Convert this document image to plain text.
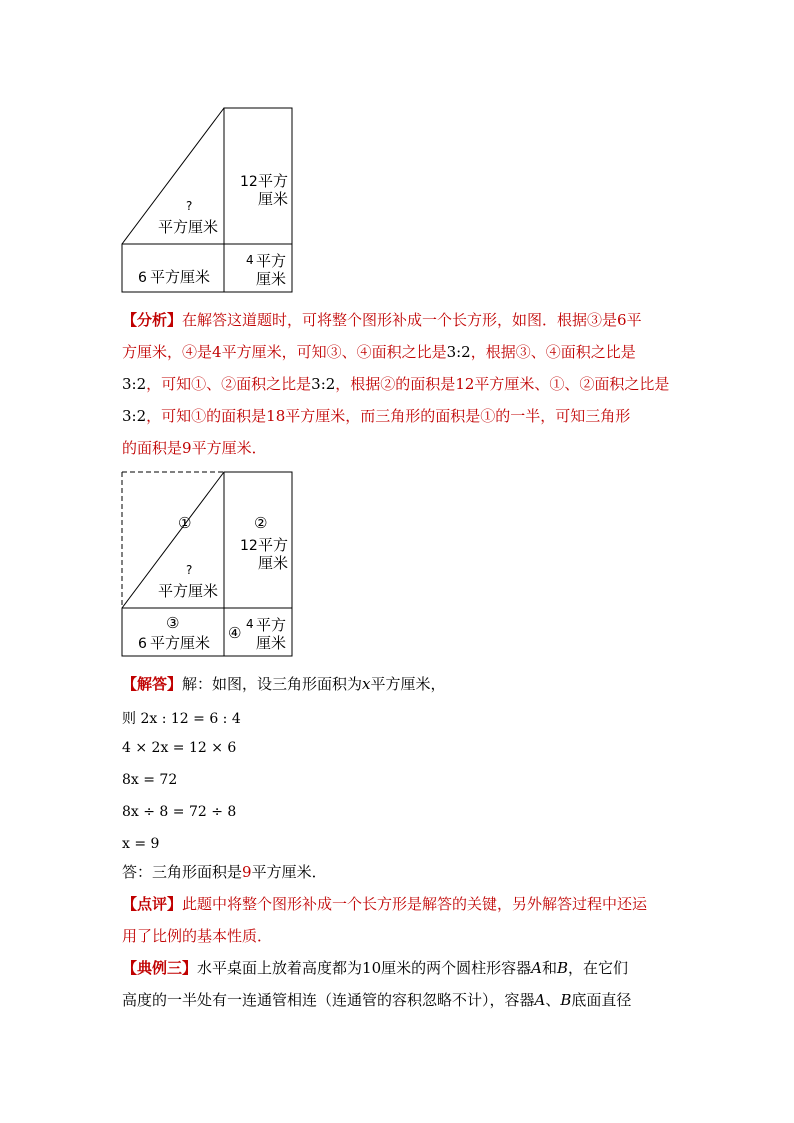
?
平方厘米
12 平方
厘米
6 平方厘米
4 平方
厘米
【分析】在解答这道题时，可将整个图形补成一个长方形，如图．根据③是6平
方厘米，④是4平方厘米，可知③、④面积之比是3:2，根据③、④面积之比是
3:2，可知①、②面积之比是3:2，根据②的面积是12平方厘米、①、②面积之比是
3:2，可知①的面积是18平方厘米，而三角形的面积是①的一半，可知三角形
的面积是9平方厘米．
①	②
12 平方
厘米
?
平方厘米
③
6 平方厘米
④ 4 平方
厘米
【解答】解：如图，设三角形面积为x平方厘米，
则 2x : 12 = 6 : 4
4 × 2x = 12 × 6
8x = 72
8x ÷ 8 = 72 ÷ 8
x = 9
答：三角形面积是9平方厘米．
【点评】此题中将整个图形补成一个长方形是解答的关键，另外解答过程中还运
用了比例的基本性质．
【典例三】水平桌面上放着高度都为10厘米的两个圆柱形容器A和B，在它们
高度的一半处有一连通管相连（连通管的容积忽略不计），容器A、B底面直径
